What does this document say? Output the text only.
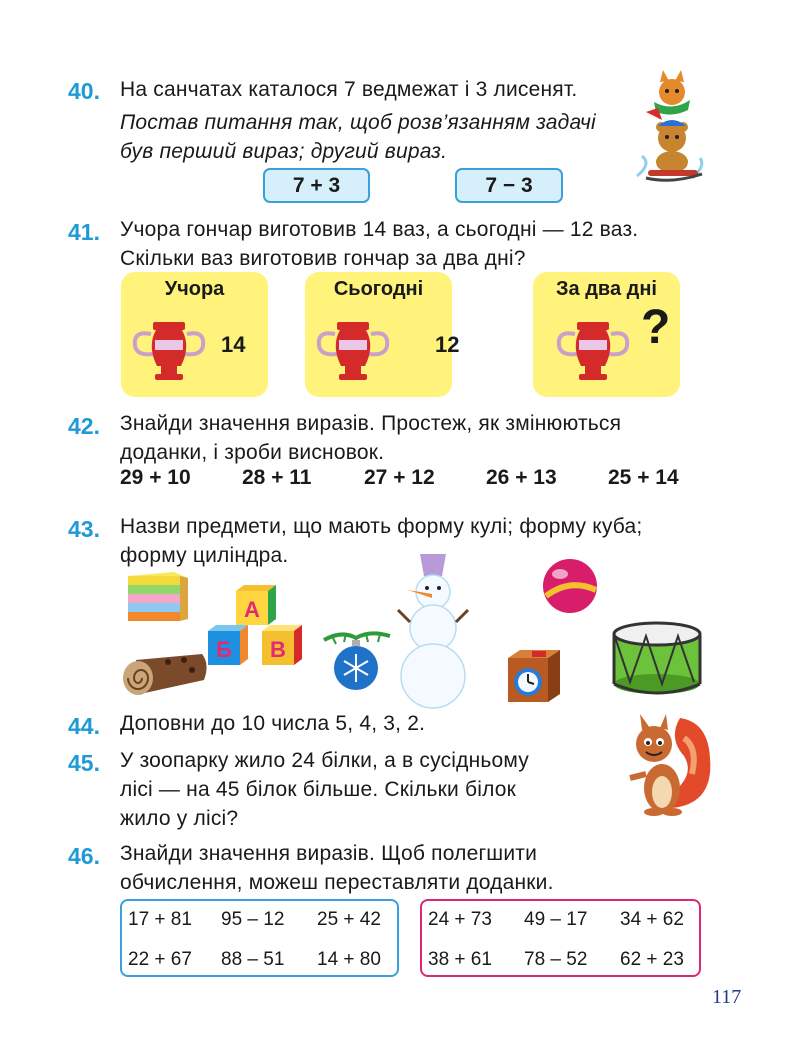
40. На санчатах каталося 7 ведмежат і 3 лисенят.
Постав питання так, щоб розв’язанням задачі
був перший вираз; другий вираз.
7 + 3	7 − 3
41. Учора гончар виготовив 14 ваз, а сьогодні — 12 ваз.
Скільки ваз виготовив гончар за два дні?
Учора
14
Сьогодні
12
За два дні
?
42. Знайди значення виразів. Простеж, як змінюються
доданки, і зроби висновок.
29 + 10 28 + 11	27 + 12 26 + 13 25 + 14
43. Назви предмети, що мають форму кулі; форму куба;
форму циліндра.
А
Б В
44. Доповни до 10 числа 5, 4, 3, 2.
45. У зоопарку жило 24 білки, а в сусідньому
лісі — на 45 білок більше. Скільки білок
жило у лісі?
46. Знайди значення виразів. Щоб полегшити
обчислення, можеш переставляти доданки.
17 + 81 95 – 12 25 + 42
22 + 67 88 – 51 14 + 80
24 + 73 49 – 17 34 + 62
38 + 61 78 – 52 62 + 23
117
